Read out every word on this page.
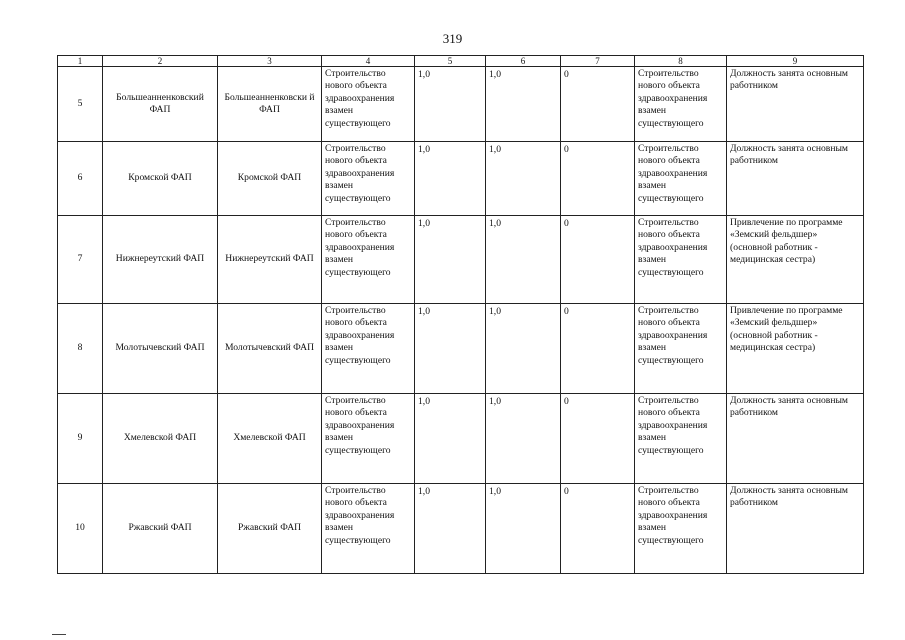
319
1	2	3	4	5	6	7	8	9
5	Большеанненковский ФАП	Большеанненковски й ФАП	Строительство нового объекта здравоохранения взамен существующего	1,0	1,0	0	Строительство нового объекта здравоохранения взамен существующего	Должность занята основным работником
6	Кромской ФАП	Кромской ФАП	Строительство нового объекта здравоохранения взамен существующего	1,0	1,0	0	Строительство нового объекта здравоохранения взамен существующего	Должность занята основным работником
7	Нижнереутский ФАП	Нижнереутский ФАП	Строительство нового объекта здравоохранения взамен существующего	1,0	1,0	0	Строительство нового объекта здравоохранения взамен существующего	Привлечение по программе «Земский фельдшер» (основной работник - медицинская сестра)
8	Молотычевский ФАП	Молотычевский ФАП	Строительство нового объекта здравоохранения взамен существующего	1,0	1,0	0	Строительство нового объекта здравоохранения взамен существующего	Привлечение по программе «Земский фельдшер» (основной работник - медицинская сестра)
9	Хмелевской ФАП	Хмелевской ФАП	Строительство нового объекта здравоохранения взамен существующего	1,0	1,0	0	Строительство нового объекта здравоохранения взамен существующего	Должность занята основным работником
10	Ржавский ФАП	Ржавский ФАП	Строительство нового объекта здравоохранения взамен существующего	1,0	1,0	0	Строительство нового объекта здравоохранения взамен существующего	Должность занята основным работником
